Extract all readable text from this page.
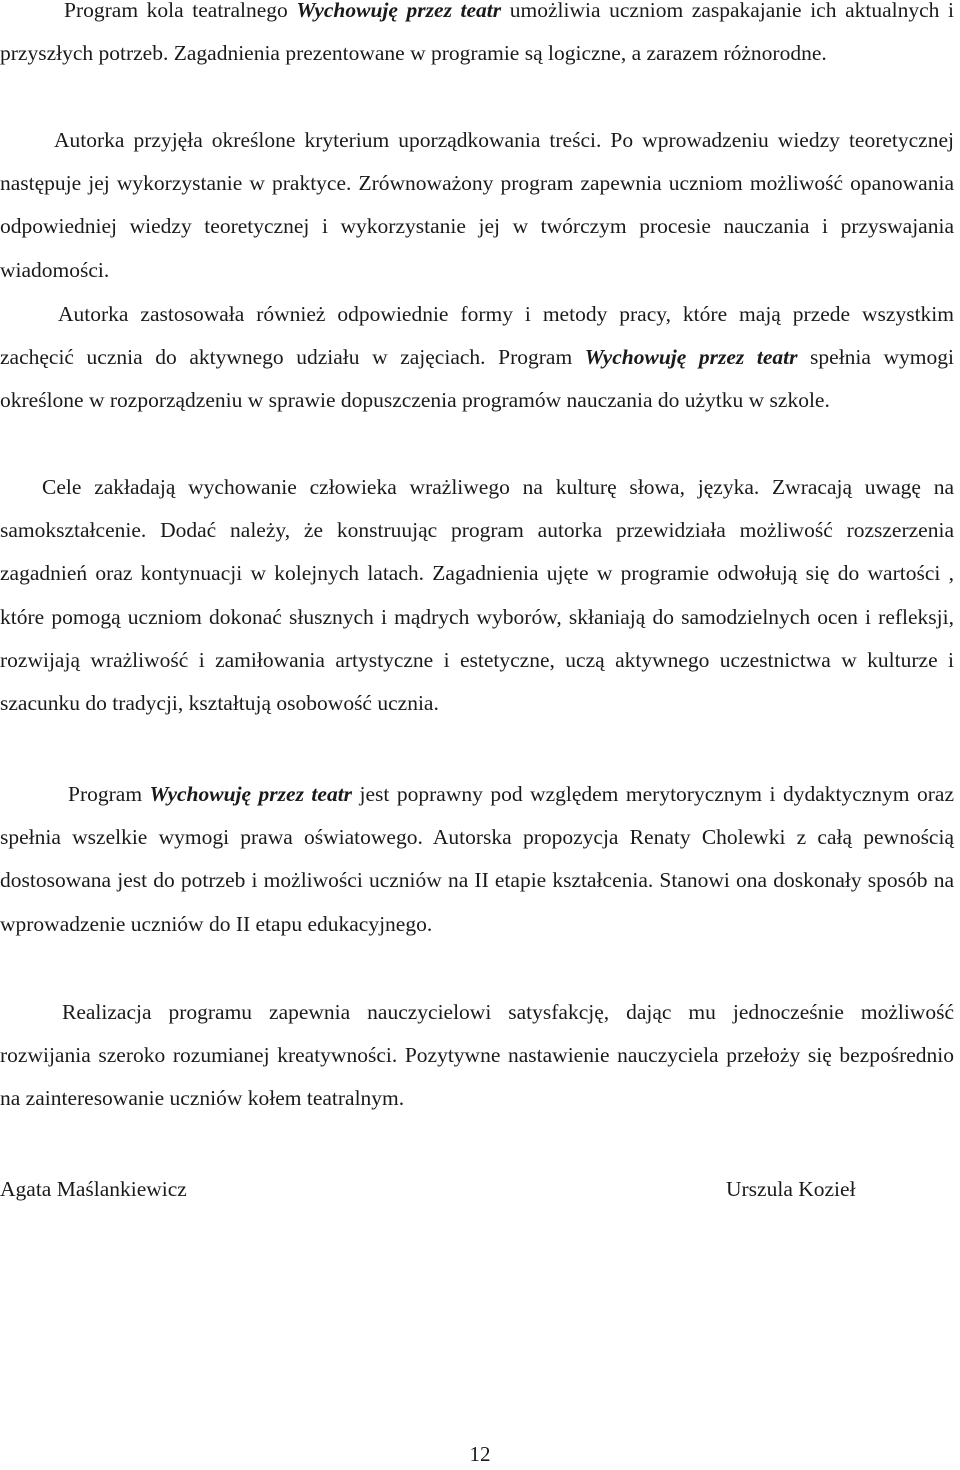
Program kola teatralnego Wychowuję przez teatr umożliwia uczniom zaspakajanie ich aktualnych i przyszłych potrzeb. Zagadnienia prezentowane w programie są logiczne, a zarazem różnorodne.

Autorka przyjęła określone kryterium uporządkowania treści. Po wprowadzeniu wiedzy teoretycznej następuje jej wykorzystanie w praktyce. Zrównoważony program zapewnia uczniom możliwość opanowania odpowiedniej wiedzy teoretycznej i wykorzystanie jej w twórczym procesie nauczania i przyswajania wiadomości.

Autorka zastosowała również odpowiednie formy i metody pracy, które mają przede wszystkim zachęcić ucznia do aktywnego udziału w zajęciach. Program Wychowuję przez teatr spełnia wymogi określone w rozporządzeniu w sprawie dopuszczenia programów nauczania do użytku w szkole.

Cele zakładają wychowanie człowieka wrażliwego na kulturę słowa, języka. Zwracają uwagę na samokształcenie. Dodać należy, że konstruując program autorka przewidziała możliwość rozszerzenia zagadnień oraz kontynuacji w kolejnych latach. Zagadnienia ujęte w programie odwołują się do wartości , które pomogą uczniom dokonać słusznych i mądrych wyborów, skłaniają do samodzielnych ocen i refleksji, rozwijają wrażliwość i zamiłowania artystyczne i estetyczne, uczą aktywnego uczestnictwa w kulturze i szacunku do tradycji, kształtują osobowość ucznia.

Program Wychowuję przez teatr jest poprawny pod względem merytorycznym i dydaktycznym oraz spełnia wszelkie wymogi prawa oświatowego. Autorska propozycja Renaty Cholewki z całą pewnością dostosowana jest do potrzeb i możliwości uczniów na II etapie kształcenia. Stanowi ona doskonały sposób na wprowadzenie uczniów do II etapu edukacyjnego.

Realizacja programu zapewnia nauczycielowi satysfakcję, dając mu jednocześnie możliwość rozwijania szeroko rozumianej kreatywności. Pozytywne nastawienie nauczyciela przełoży się bezpośrednio na zainteresowanie uczniów kołem teatralnym.

Agata Maślankiewicz	Urszula Kozieł
12
